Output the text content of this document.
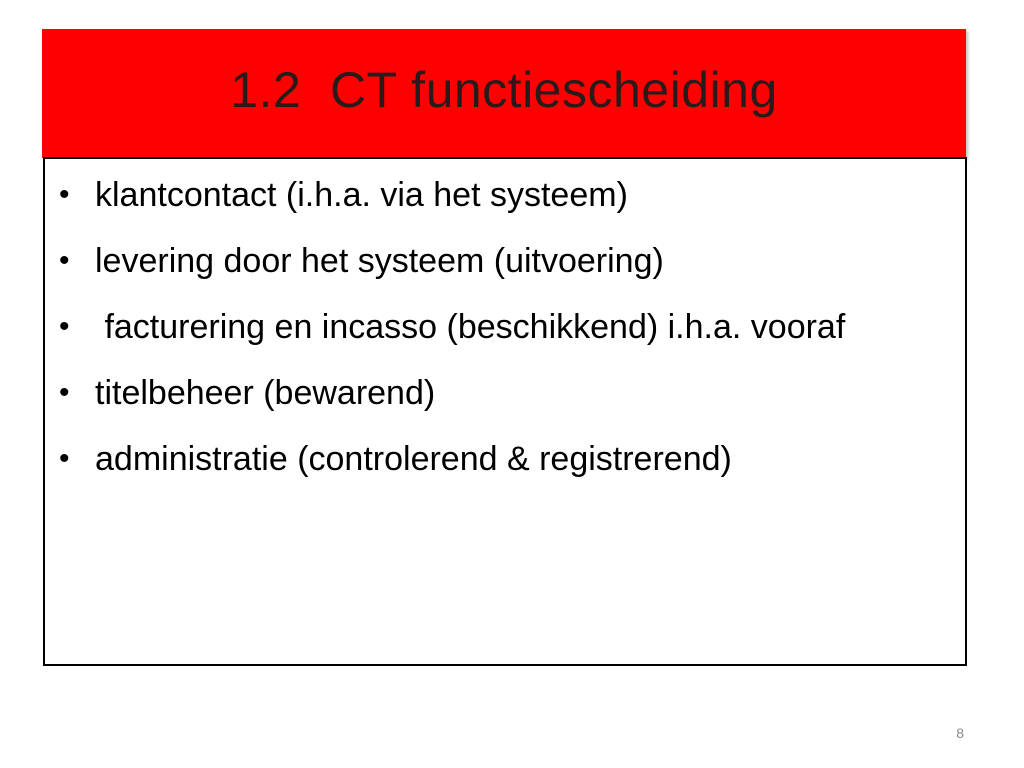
1.2  CT functiescheiding
• klantcontact (i.h.a. via het systeem)
• levering door het systeem (uitvoering)
• facturering en incasso (beschikkend) i.h.a. vooraf
• titelbeheer (bewarend)
• administratie (controlerend & registrerend)
8
